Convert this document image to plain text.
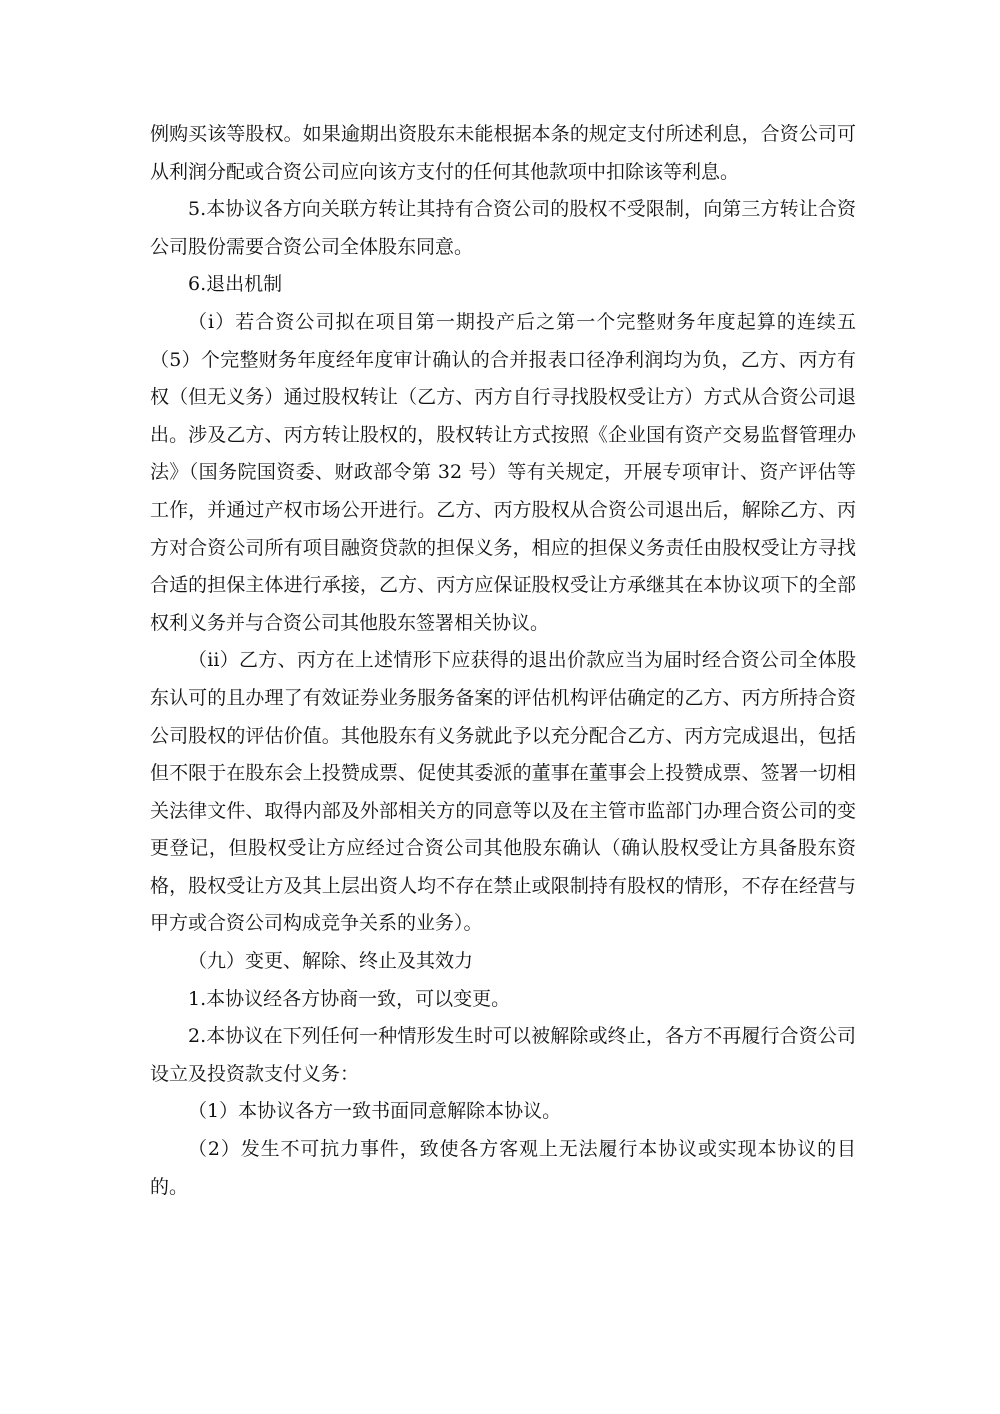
例购买该等股权。如果逾期出资股东未能根据本条的规定支付所述利息，合资公司可从利润分配或合资公司应向该方支付的任何其他款项中扣除该等利息。

5.本协议各方向关联方转让其持有合资公司的股权不受限制，向第三方转让合资公司股份需要合资公司全体股东同意。

6.退出机制

（i）若合资公司拟在项目第一期投产后之第一个完整财务年度起算的连续五（5）个完整财务年度经年度审计确认的合并报表口径净利润均为负，乙方、丙方有权（但无义务）通过股权转让（乙方、丙方自行寻找股权受让方）方式从合资公司退出。涉及乙方、丙方转让股权的，股权转让方式按照《企业国有资产交易监督管理办法》（国务院国资委、财政部令第 32 号）等有关规定，开展专项审计、资产评估等工作，并通过产权市场公开进行。乙方、丙方股权从合资公司退出后，解除乙方、丙方对合资公司所有项目融资贷款的担保义务，相应的担保义务责任由股权受让方寻找合适的担保主体进行承接，乙方、丙方应保证股权受让方承继其在本协议项下的全部权利义务并与合资公司其他股东签署相关协议。

（ii）乙方、丙方在上述情形下应获得的退出价款应当为届时经合资公司全体股东认可的且办理了有效证券业务服务备案的评估机构评估确定的乙方、丙方所持合资公司股权的评估价值。其他股东有义务就此予以充分配合乙方、丙方完成退出，包括但不限于在股东会上投赞成票、促使其委派的董事在董事会上投赞成票、签署一切相关法律文件、取得内部及外部相关方的同意等以及在主管市监部门办理合资公司的变更登记，但股权受让方应经过合资公司其他股东确认（确认股权受让方具备股东资格，股权受让方及其上层出资人均不存在禁止或限制持有股权的情形，不存在经营与甲方或合资公司构成竞争关系的业务）。

（九）变更、解除、终止及其效力

1.本协议经各方协商一致，可以变更。

2.本协议在下列任何一种情形发生时可以被解除或终止，各方不再履行合资公司设立及投资款支付义务：

（1）本协议各方一致书面同意解除本协议。

（2）发生不可抗力事件，致使各方客观上无法履行本协议或实现本协议的目的。
